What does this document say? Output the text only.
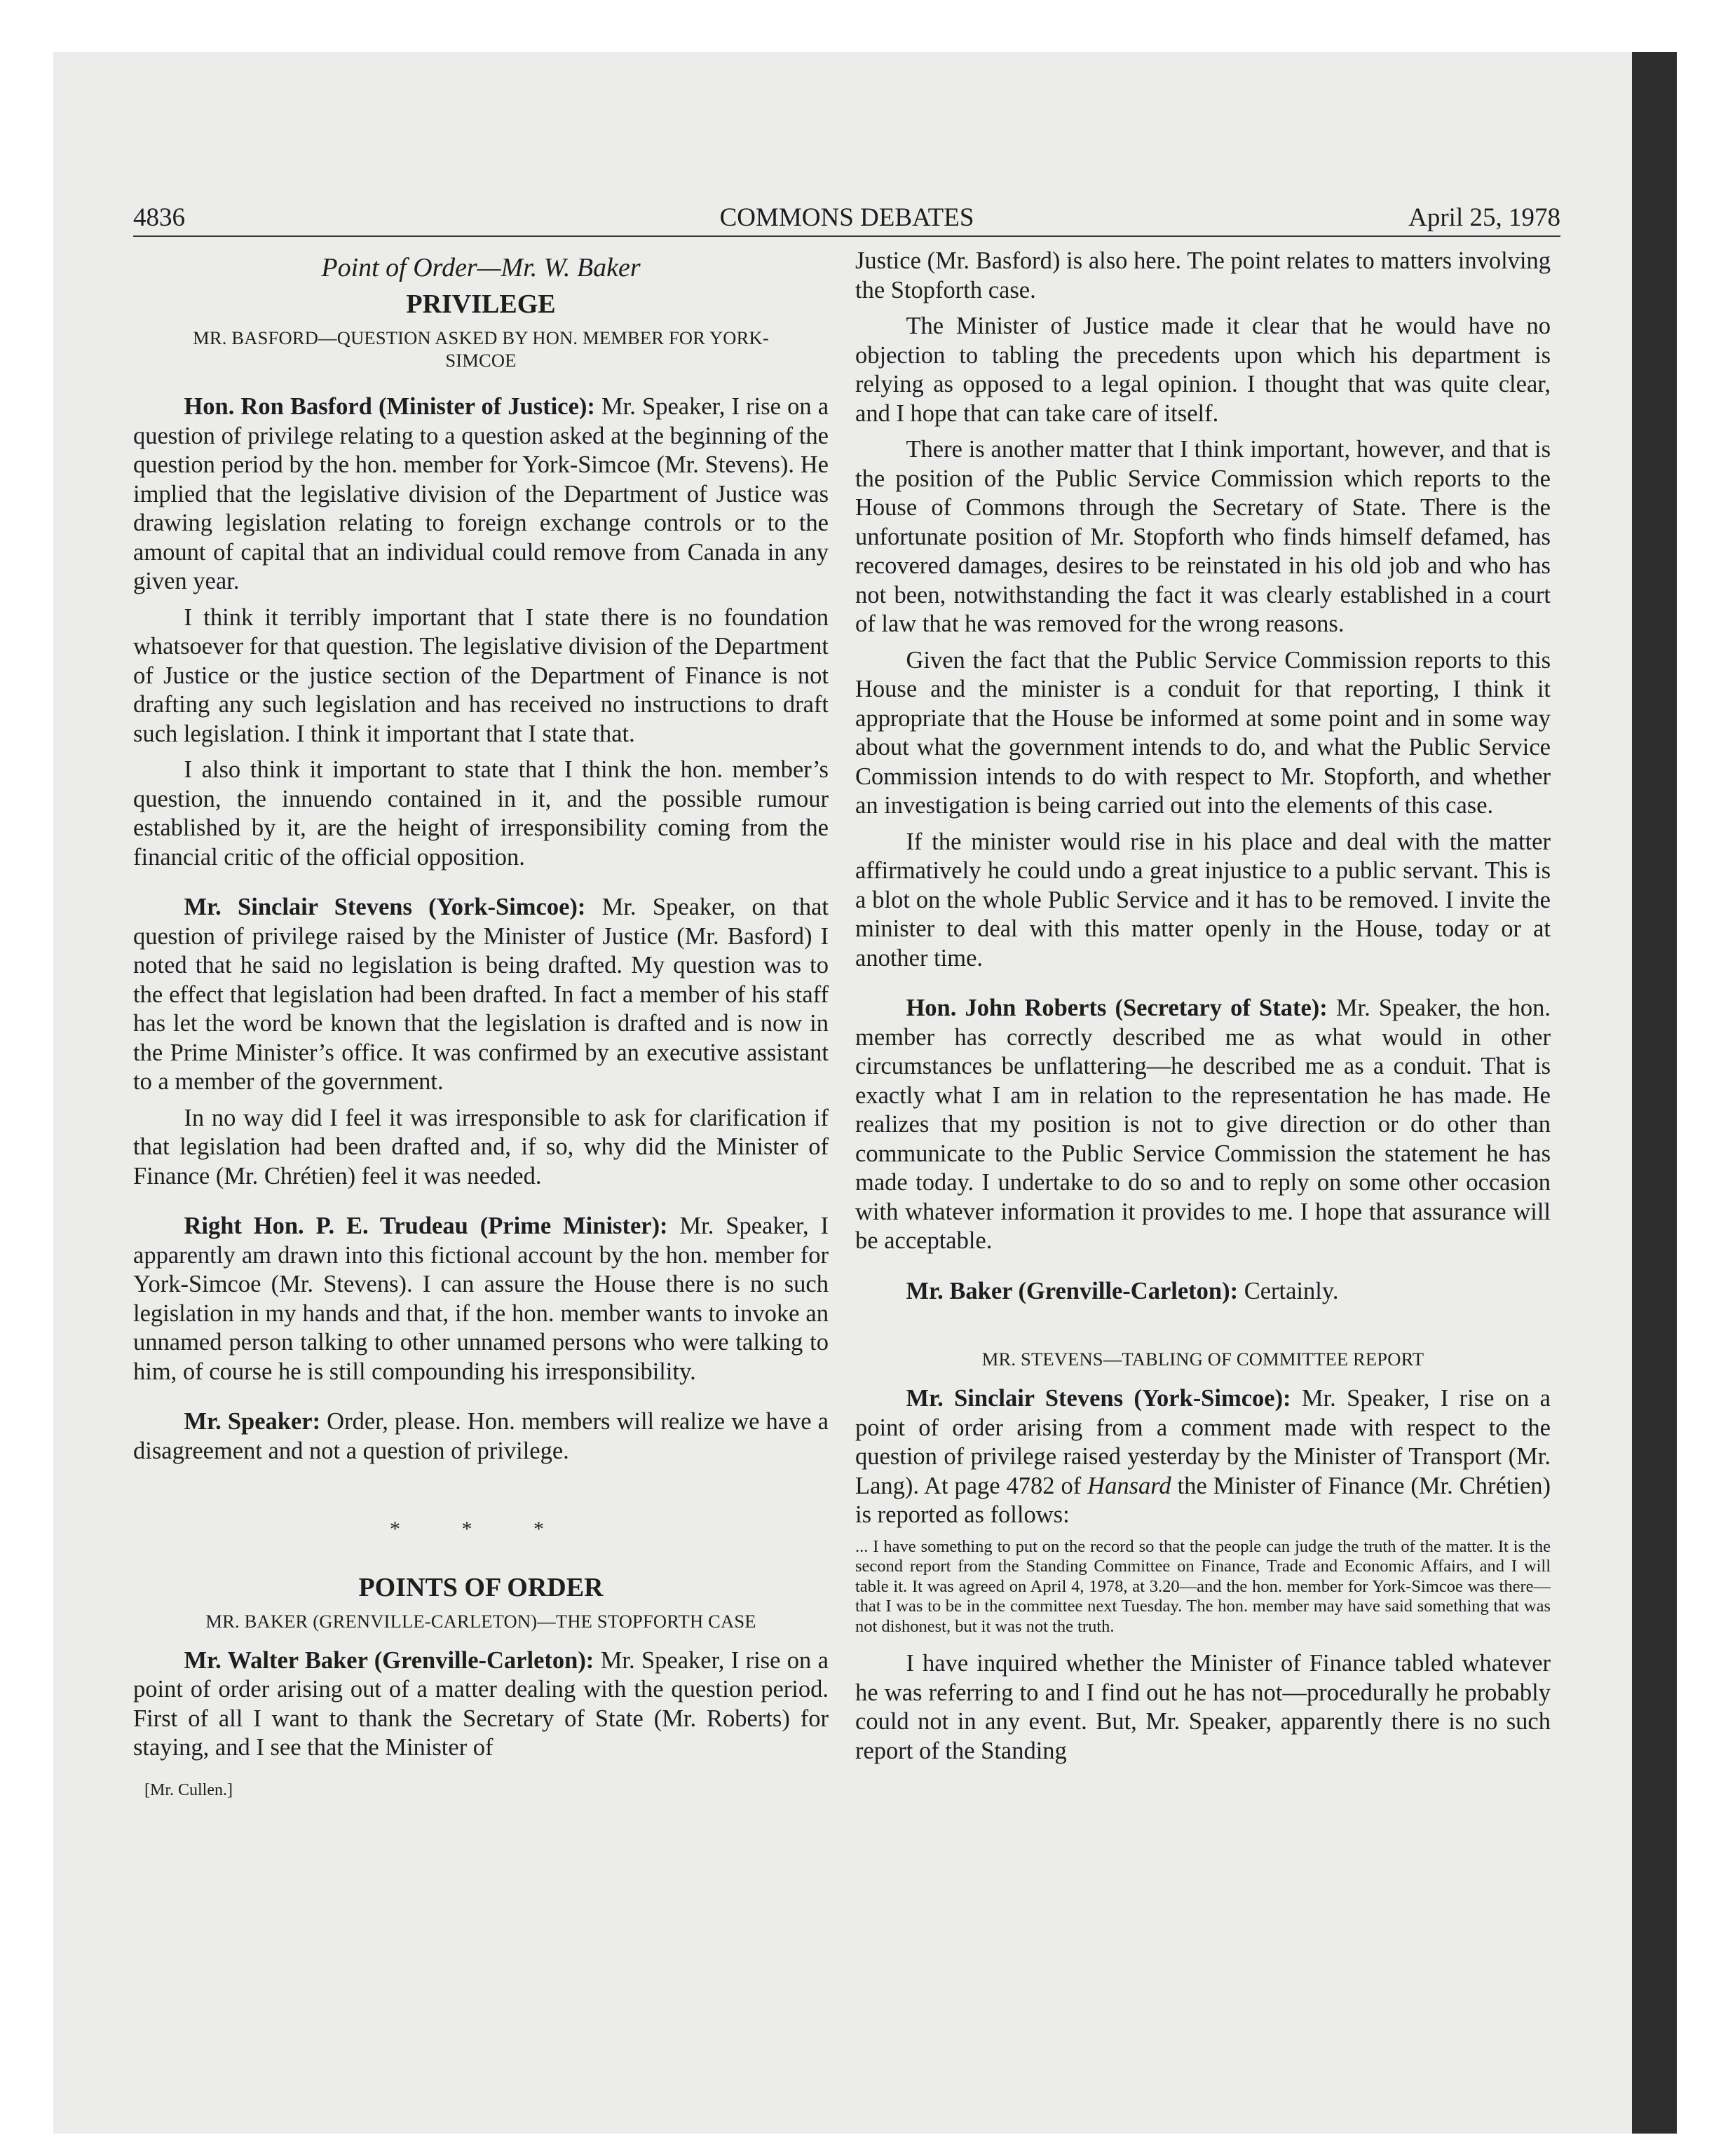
4836	COMMONS DEBATES	April 25, 1978

Point of Order—Mr. W. Baker

PRIVILEGE

MR. BASFORD—QUESTION ASKED BY HON. MEMBER FOR YORK-SIMCOE

Hon. Ron Basford (Minister of Justice): Mr. Speaker, I rise on a question of privilege relating to a question asked at the beginning of the question period by the hon. member for York-Simcoe (Mr. Stevens). He implied that the legislative division of the Department of Justice was drawing legislation relating to foreign exchange controls or to the amount of capital that an individual could remove from Canada in any given year.

I think it terribly important that I state there is no foundation whatsoever for that question. The legislative division of the Department of Justice or the justice section of the Department of Finance is not drafting any such legislation and has received no instructions to draft such legislation. I think it important that I state that.

I also think it important to state that I think the hon. member’s question, the innuendo contained in it, and the possible rumour established by it, are the height of irresponsibility coming from the financial critic of the official opposition.

Mr. Sinclair Stevens (York-Simcoe): Mr. Speaker, on that question of privilege raised by the Minister of Justice (Mr. Basford) I noted that he said no legislation is being drafted. My question was to the effect that legislation had been drafted. In fact a member of his staff has let the word be known that the legislation is drafted and is now in the Prime Minister’s office. It was confirmed by an executive assistant to a member of the government.

In no way did I feel it was irresponsible to ask for clarification if that legislation had been drafted and, if so, why did the Minister of Finance (Mr. Chrétien) feel it was needed.

Right Hon. P. E. Trudeau (Prime Minister): Mr. Speaker, I apparently am drawn into this fictional account by the hon. member for York-Simcoe (Mr. Stevens). I can assure the House there is no such legislation in my hands and that, if the hon. member wants to invoke an unnamed person talking to other unnamed persons who were talking to him, of course he is still compounding his irresponsibility.

Mr. Speaker: Order, please. Hon. members will realize we have a disagreement and not a question of privilege.

* * *

POINTS OF ORDER

MR. BAKER (GRENVILLE-CARLETON)—THE STOPFORTH CASE

Mr. Walter Baker (Grenville-Carleton): Mr. Speaker, I rise on a point of order arising out of a matter dealing with the question period. First of all I want to thank the Secretary of State (Mr. Roberts) for staying, and I see that the Minister of

[Mr. Cullen.]

Justice (Mr. Basford) is also here. The point relates to matters involving the Stopforth case.

The Minister of Justice made it clear that he would have no objection to tabling the precedents upon which his department is relying as opposed to a legal opinion. I thought that was quite clear, and I hope that can take care of itself.

There is another matter that I think important, however, and that is the position of the Public Service Commission which reports to the House of Commons through the Secretary of State. There is the unfortunate position of Mr. Stopforth who finds himself defamed, has recovered damages, desires to be reinstated in his old job and who has not been, notwithstanding the fact it was clearly established in a court of law that he was removed for the wrong reasons.

Given the fact that the Public Service Commission reports to this House and the minister is a conduit for that reporting, I think it appropriate that the House be informed at some point and in some way about what the government intends to do, and what the Public Service Commission intends to do with respect to Mr. Stopforth, and whether an investigation is being carried out into the elements of this case.

If the minister would rise in his place and deal with the matter affirmatively he could undo a great injustice to a public servant. This is a blot on the whole Public Service and it has to be removed. I invite the minister to deal with this matter openly in the House, today or at another time.

Hon. John Roberts (Secretary of State): Mr. Speaker, the hon. member has correctly described me as what would in other circumstances be unflattering—he described me as a conduit. That is exactly what I am in relation to the representation he has made. He realizes that my position is not to give direction or do other than communicate to the Public Service Commission the statement he has made today. I undertake to do so and to reply on some other occasion with whatever information it provides to me. I hope that assurance will be acceptable.

Mr. Baker (Grenville-Carleton): Certainly.

MR. STEVENS—TABLING OF COMMITTEE REPORT

Mr. Sinclair Stevens (York-Simcoe): Mr. Speaker, I rise on a point of order arising from a comment made with respect to the question of privilege raised yesterday by the Minister of Transport (Mr. Lang). At page 4782 of Hansard the Minister of Finance (Mr. Chrétien) is reported as follows:

... I have something to put on the record so that the people can judge the truth of the matter. It is the second report from the Standing Committee on Finance, Trade and Economic Affairs, and I will table it. It was agreed on April 4, 1978, at 3.20—and the hon. member for York-Simcoe was there—that I was to be in the committee next Tuesday. The hon. member may have said something that was not dishonest, but it was not the truth.

I have inquired whether the Minister of Finance tabled whatever he was referring to and I find out he has not—procedurally he probably could not in any event. But, Mr. Speaker, apparently there is no such report of the Standing
